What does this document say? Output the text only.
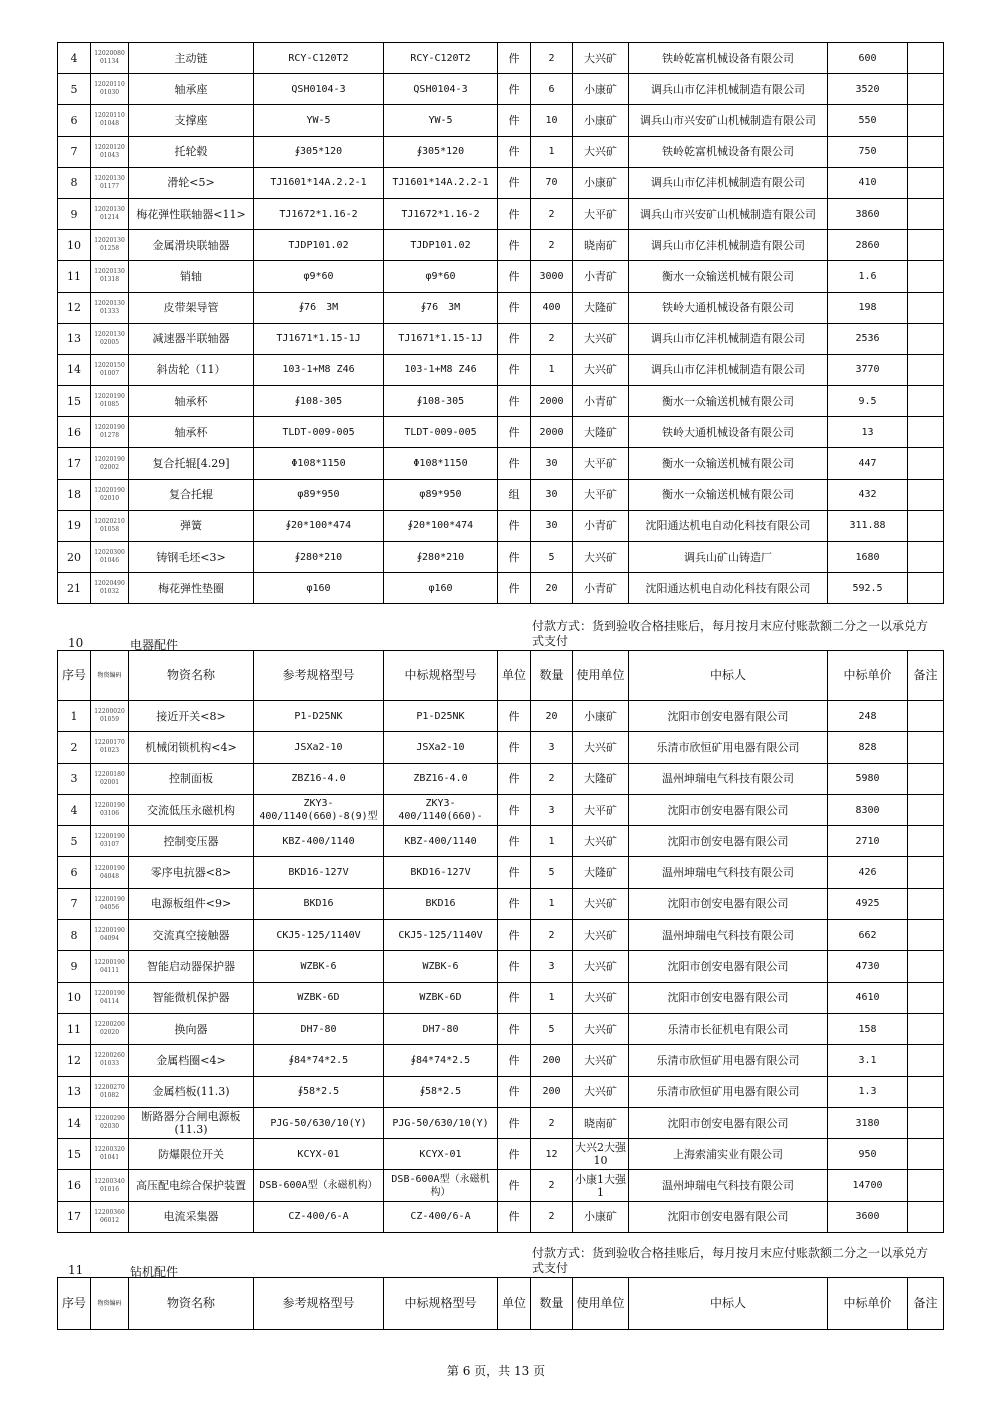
4	12020080 01134	主动链	RCY-C120T2	RCY-C120T2	件	2	大兴矿	铁岭乾富机械设备有限公司	600	
5	12020110 01030	轴承座	QSH0104-3	QSH0104-3	件	6	小康矿	调兵山市亿沣机械制造有限公司	3520	
6	12020110 01048	支撑座	YW-5	YW-5	件	10	小康矿	调兵山市兴安矿山机械制造有限公司	550	
7	12020120 01043	托轮毂	∮305*120	∮305*120	件	1	大兴矿	铁岭乾富机械设备有限公司	750	
8	12020130 01177	滑轮<5>	TJ1601*14A.2.2-1	TJ1601*14A.2.2-1	件	70	小康矿	调兵山市亿沣机械制造有限公司	410	
9	12020130 01214	梅花弹性联轴器<11>	TJ1672*1.16-2	TJ1672*1.16-2	件	2	大平矿	调兵山市兴安矿山机械制造有限公司	3860	
10	12020130 01258	金属滑块联轴器	TJDP101.02	TJDP101.02	件	2	晓南矿	调兵山市亿沣机械制造有限公司	2860	
11	12020130 01318	销轴	φ9*60	φ9*60	件	3000	小青矿	衡水一众输送机械有限公司	1.6	
12	12020130 01333	皮带架导管	∮76　3M	∮76　3M	件	400	大隆矿	铁岭大通机械设备有限公司	198	
13	12020130 02005	减速器半联轴器	TJ1671*1.15-1J	TJ1671*1.15-1J	件	2	大兴矿	调兵山市亿沣机械制造有限公司	2536	
14	12020150 01007	斜齿轮（11）	103-1+M8 Z46	103-1+M8 Z46	件	1	大兴矿	调兵山市亿沣机械制造有限公司	3770	
15	12020190 01085	轴承杯	∮108-305	∮108-305	件	2000	小青矿	衡水一众输送机械有限公司	9.5	
16	12020190 01278	轴承杯	TLDT-009-005	TLDT-009-005	件	2000	大隆矿	铁岭大通机械设备有限公司	13	
17	12020190 02002	复合托辊[4.29]	Φ108*1150	Φ108*1150	件	30	大平矿	衡水一众输送机械有限公司	447	
18	12020190 02010	复合托辊	φ89*950	φ89*950	组	30	大平矿	衡水一众输送机械有限公司	432	
19	12020210 01058	弹簧	∮20*100*474	∮20*100*474	件	30	小青矿	沈阳通达机电自动化科技有限公司	311.88	
20	12020300 01046	铸钢毛坯<3>	∮280*210	∮280*210	件	5	大兴矿	调兵山矿山铸造厂	1680	
21	12020490 01032	梅花弹性垫圈	φ160	φ160	件	20	小青矿	沈阳通达机电自动化科技有限公司	592.5	
10	电器配件
付款方式：货到验收合格挂账后，每月按月末应付账款额二分之一以承兑方式支付
序号	物资编码	物资名称	参考规格型号	中标规格型号	单位	数量	使用单位	中标人	中标单价	备注
1	12200020 01059	接近开关<8>	P1-D25NK	P1-D25NK	件	20	小康矿	沈阳市创安电器有限公司	248	
2	12200170 01023	机械闭锁机构<4>	JSXa2-10	JSXa2-10	件	3	大兴矿	乐清市欣恒矿用电器有限公司	828	
3	12200180 02001	控制面板	ZBZ16-4.0	ZBZ16-4.0	件	2	大隆矿	温州坤瑞电气科技有限公司	5980	
4	12200190 03106	交流低压永磁机构	ZKY3-400/1140(660)-8(9)型	ZKY3-400/1140(660)-	件	3	大平矿	沈阳市创安电器有限公司	8300	
5	12200190 03107	控制变压器	KBZ-400/1140	KBZ-400/1140	件	1	大兴矿	沈阳市创安电器有限公司	2710	
6	12200190 04048	零序电抗器<8>	BKD16-127V	BKD16-127V	件	5	大隆矿	温州坤瑞电气科技有限公司	426	
7	12200190 04056	电源板组件<9>	BKD16	BKD16	件	1	大兴矿	沈阳市创安电器有限公司	4925	
8	12200190 04094	交流真空接触器	CKJ5-125/1140V	CKJ5-125/1140V	件	2	大兴矿	温州坤瑞电气科技有限公司	662	
9	12200190 04111	智能启动器保护器	WZBK-6	WZBK-6	件	3	大兴矿	沈阳市创安电器有限公司	4730	
10	12200190 04114	智能微机保护器	WZBK-6D	WZBK-6D	件	1	大兴矿	沈阳市创安电器有限公司	4610	
11	12200200 02020	换向器	DH7-80	DH7-80	件	5	大兴矿	乐清市长征机电有限公司	158	
12	12200260 01033	金属档圈<4>	∮84*74*2.5	∮84*74*2.5	件	200	大兴矿	乐清市欣恒矿用电器有限公司	3.1	
13	12200270 01082	金属档板(11.3)	∮58*2.5	∮58*2.5	件	200	大兴矿	乐清市欣恒矿用电器有限公司	1.3	
14	12200290 02030	断路器分合闸电源板(11.3)	PJG-50/630/10(Y)	PJG-50/630/10(Y)	件	2	晓南矿	沈阳市创安电器有限公司	3180	
15	12200320 01041	防爆限位开关	KCYX-01	KCYX-01	件	12	大兴2大强10	上海索浦实业有限公司	950	
16	12200340 01016	高压配电综合保护装置	DSB-600A型（永磁机构）	DSB-600A型（永磁机构）	件	2	小康1大强1	温州坤瑞电气科技有限公司	14700	
17	12200360 06012	电流采集器	CZ-400/6-A	CZ-400/6-A	件	2	小康矿	沈阳市创安电器有限公司	3600	
11	钻机配件
付款方式：货到验收合格挂账后，每月按月末应付账款额二分之一以承兑方式支付
序号	物资编码	物资名称	参考规格型号	中标规格型号	单位	数量	使用单位	中标人	中标单价	备注
第 6 页，共 13 页
